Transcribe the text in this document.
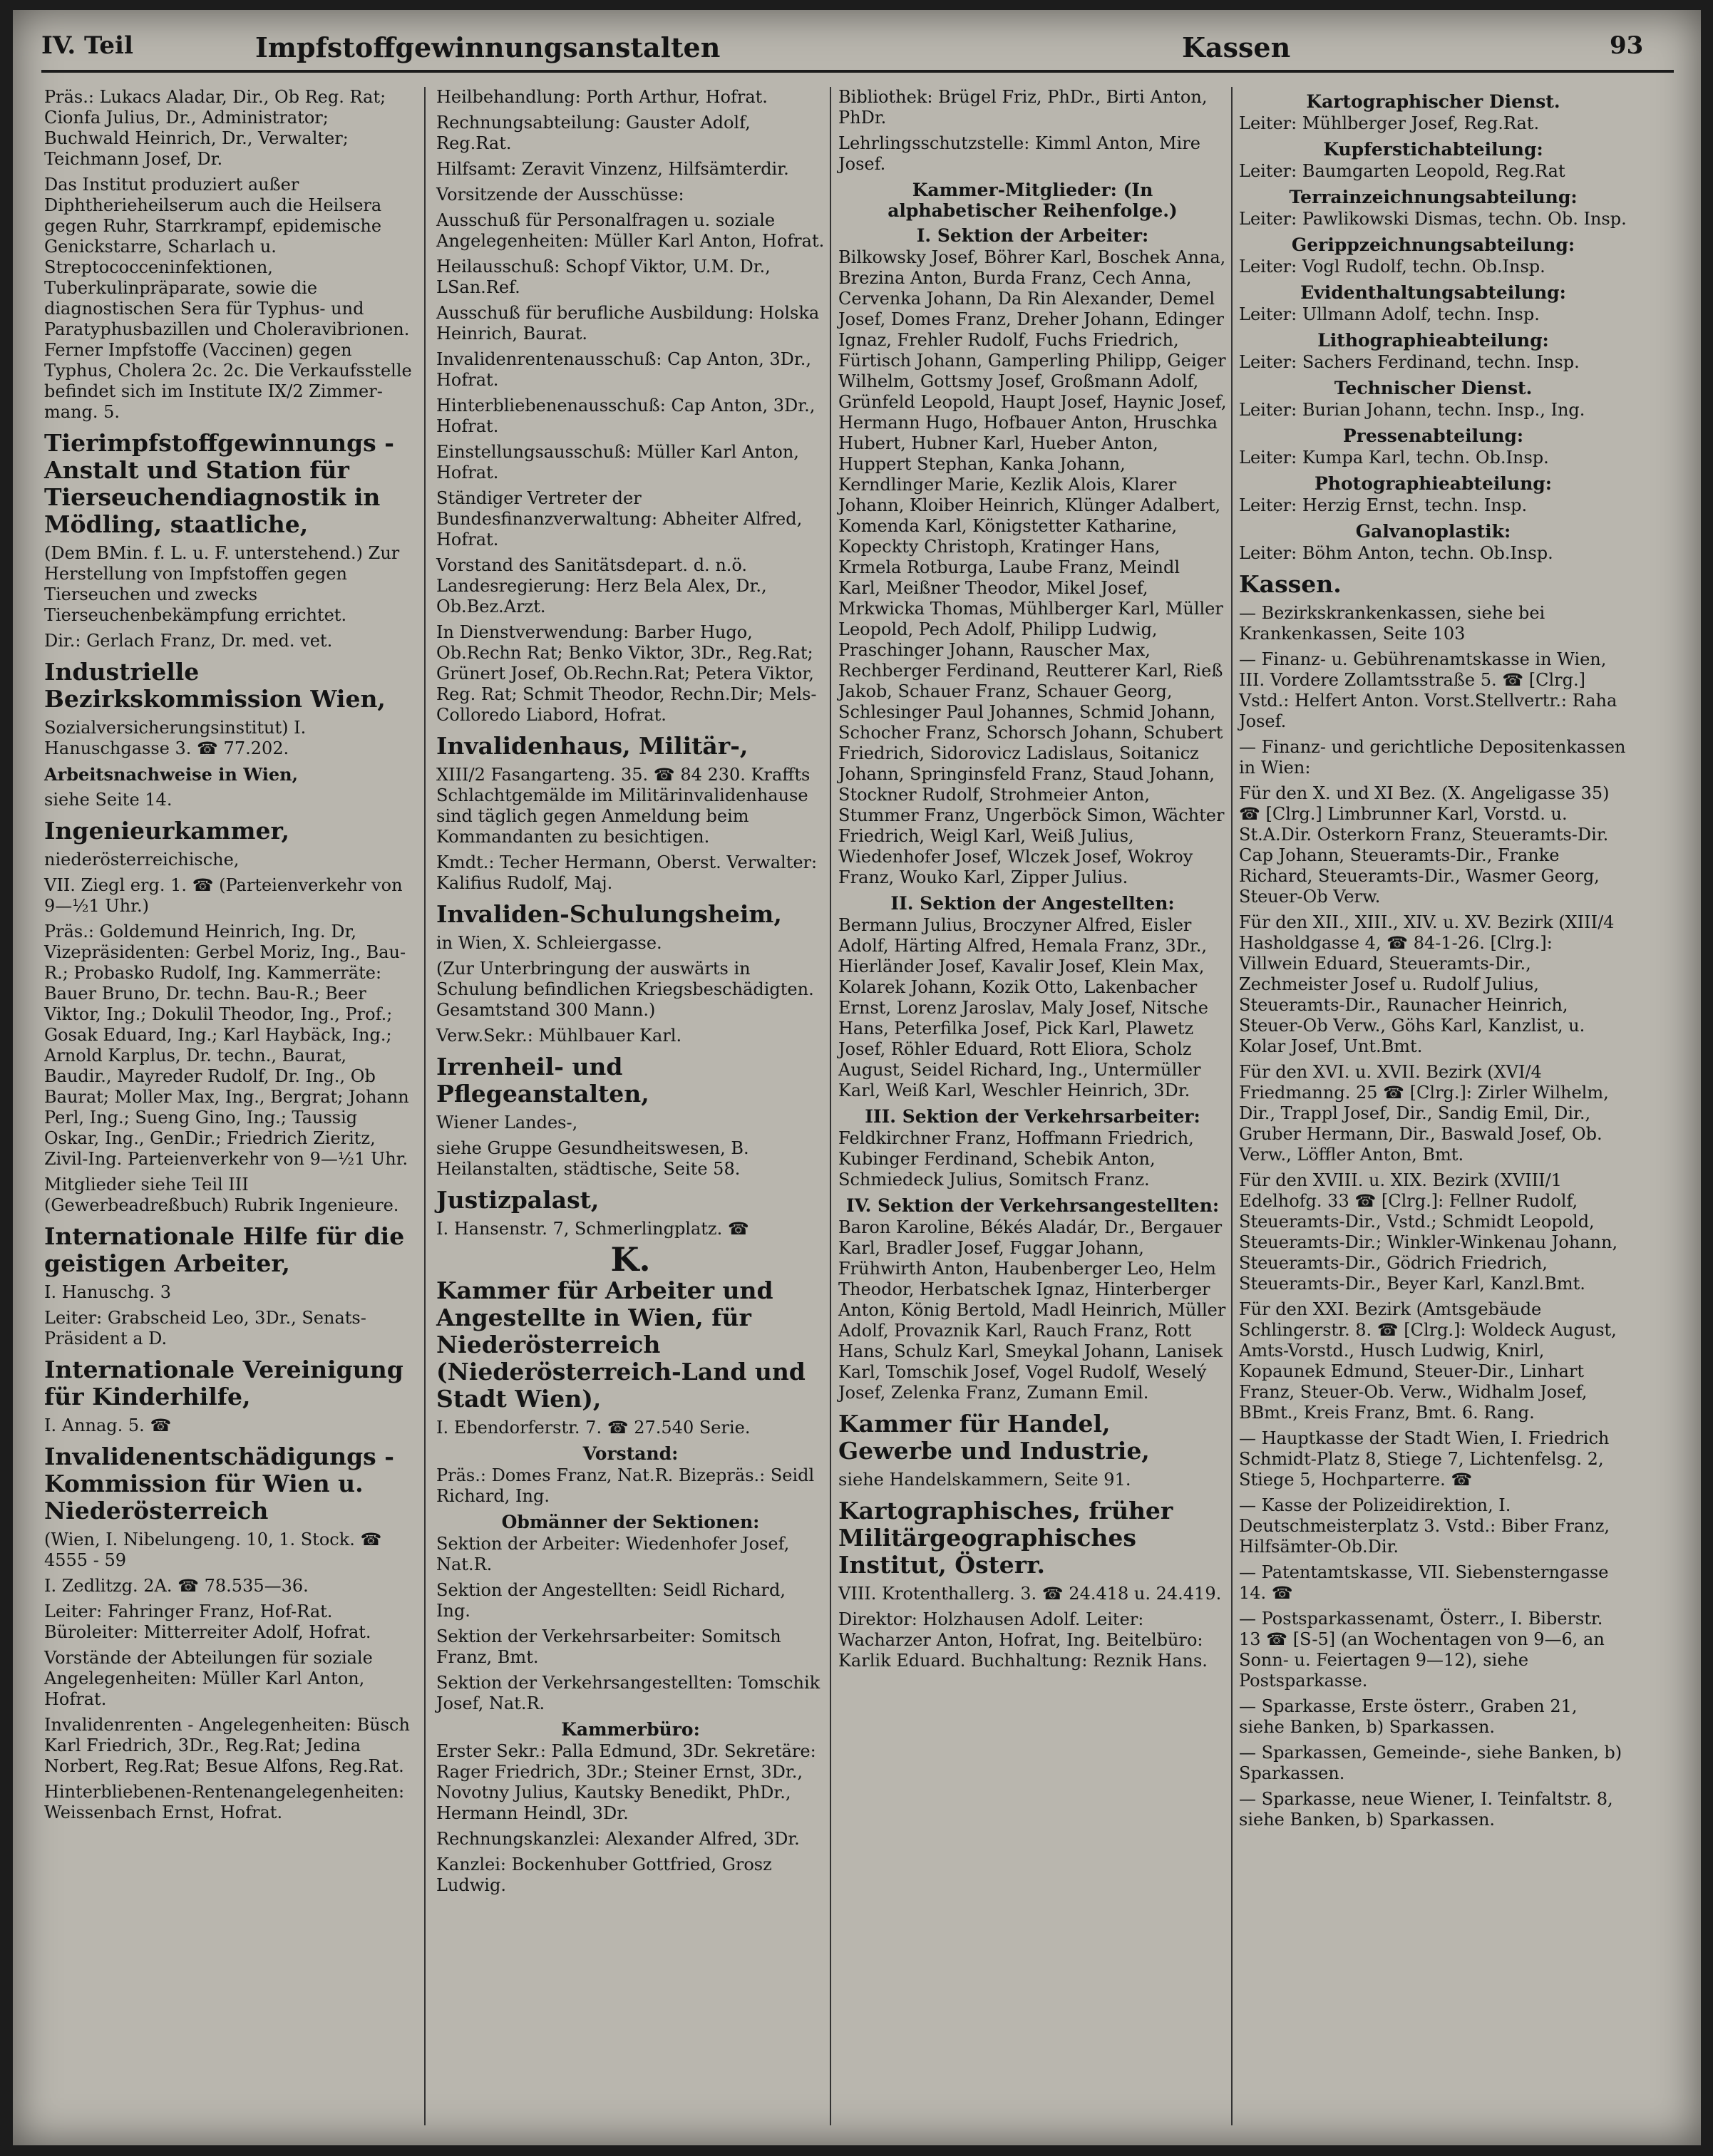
IV. Teil	Impfstoffgewinnungsanstalten	Kassen	93
Präs.: Lukacs Aladar, Dir., Ob Reg. Rat; Cionfa Julius, Dr., Administrator; Buchwald Heinrich, Dr., Verwalter; Teichmann Josef, Dr.
Das Institut produziert außer Diphtherieheilserum auch die Heilsera gegen Ruhr, Starrkrampf, epidemische Genickstarre, Scharlach u. Streptococceninfektionen, Tuberkulinpräparate, sowie die diagnostischen Sera für Typhus- und Paratyphusbazillen und Choleravibrionen. Ferner Impfstoffe (Vaccinen) gegen Typhus, Cholera 2c. 2c. Die Verkaufsstelle befindet sich im Institute IX/2 Zimmer-mang. 5.
Tierimpfstoffgewinnungs - Anstalt und Station für Tierseuchendiagnostik in Mödling, staatliche,
(Dem BMin. f. L. u. F. unterstehend.) Zur Herstellung von Impfstoffen gegen Tierseuchen und zwecks Tierseuchenbekämpfung errichtet.
Dir.: Gerlach Franz, Dr. med. vet.
Industrielle Bezirkskommission Wien,
Sozialversicherungsinstitut) I. Hanuschgasse 3. ☎ 77.202.
Arbeitsnachweise in Wien,
siehe Seite 14.
Ingenieurkammer,
niederösterreichische,
VII. Ziegl erg. 1. ☎ (Parteienverkehr von 9—½1 Uhr.)
Präs.: Goldemund Heinrich, Ing. Dr, Vizepräsidenten: Gerbel Moriz, Ing., Bau-R.; Probasko Rudolf, Ing. Kammerräte: Bauer Bruno, Dr. techn. Bau-R.; Beer Viktor, Ing.; Dokulil Theodor, Ing., Prof.; Gosak Eduard, Ing.; Karl Haybäck, Ing.; Arnold Karplus, Dr. techn., Baurat, Baudir., Mayreder Rudolf, Dr. Ing., Ob Baurat; Moller Max, Ing., Bergrat; Johann Perl, Ing.; Sueng Gino, Ing.; Taussig Oskar, Ing., GenDir.; Friedrich Zieritz, Zivil-Ing. Parteienverkehr von 9—½1 Uhr.
Mitglieder siehe Teil III (Gewerbeadreßbuch) Rubrik Ingenieure.
Internationale Hilfe für die geistigen Arbeiter,
I. Hanuschg. 3
Leiter: Grabscheid Leo, 3Dr., Senats-Präsident a D.
Internationale Vereinigung für Kinderhilfe,
I. Annag. 5. ☎
Invalidenentschädigungs - Kommission für Wien u. Niederösterreich
(Wien, I. Nibelungeng. 10, 1. Stock. ☎ 4555 - 59
I. Zedlitzg. 2A. ☎ 78.535—36.
Leiter: Fahringer Franz, Hof-Rat. Büroleiter: Mitterreiter Adolf, Hofrat.
Vorstände der Abteilungen für soziale Angelegenheiten: Müller Karl Anton, Hofrat.
Invalidenrenten - Angelegenheiten: Büsch Karl Friedrich, 3Dr., Reg.Rat; Jedina Norbert, Reg.Rat; Besue Alfons, Reg.Rat.
Hinterbliebenen-Rentenangelegenheiten: Weissenbach Ernst, Hofrat.
Heilbehandlung: Porth Arthur, Hofrat.
Rechnungsabteilung: Gauster Adolf, Reg.Rat.
Hilfsamt: Zeravit Vinzenz, Hilfsämterdir.
Vorsitzende der Ausschüsse:
Ausschuß für Personalfragen u. soziale Angelegenheiten: Müller Karl Anton, Hofrat.
Heilausschuß: Schopf Viktor, U.M. Dr., LSan.Ref.
Ausschuß für berufliche Ausbildung: Holska Heinrich, Baurat.
Invalidenrentenausschuß: Cap Anton, 3Dr., Hofrat.
Hinterbliebenenausschuß: Cap Anton, 3Dr., Hofrat.
Einstellungsausschuß: Müller Karl Anton, Hofrat.
Ständiger Vertreter der Bundesfinanzverwaltung: Abheiter Alfred, Hofrat.
Vorstand des Sanitätsdepart. d. n.ö. Landesregierung: Herz Bela Alex, Dr., Ob.Bez.Arzt.
In Dienstverwendung: Barber Hugo, Ob.Rechn Rat; Benko Viktor, 3Dr., Reg.Rat; Grünert Josef, Ob.Rechn.Rat; Petera Viktor, Reg. Rat; Schmit Theodor, Rechn.Dir; Mels-Colloredo Liabord, Hofrat.
Invalidenhaus, Militär-,
XIII/2 Fasangarteng. 35. ☎ 84 230. Kraffts Schlachtgemälde im Militärinvalidenhause sind täglich gegen Anmeldung beim Kommandanten zu besichtigen.
Kmdt.: Techer Hermann, Oberst. Verwalter: Kalifius Rudolf, Maj.
Invaliden-Schulungsheim,
in Wien, X. Schleiergasse.
(Zur Unterbringung der auswärts in Schulung befindlichen Kriegsbeschädigten. Gesamtstand 300 Mann.)
Verw.Sekr.: Mühlbauer Karl.
Irrenheil- und Pflegeanstalten,
Wiener Landes-,
siehe Gruppe Gesundheitswesen, B. Heilanstalten, städtische, Seite 58.
Justizpalast,
I. Hansenstr. 7, Schmerlingplatz. ☎
K.
Kammer für Arbeiter und Angestellte in Wien, für Niederösterreich (Niederösterreich-Land und Stadt Wien),
I. Ebendorferstr. 7. ☎ 27.540 Serie.
Vorstand:
Präs.: Domes Franz, Nat.R. Bizepräs.: Seidl Richard, Ing.
Obmänner der Sektionen:
Sektion der Arbeiter: Wiedenhofer Josef, Nat.R.
Sektion der Angestellten: Seidl Richard, Ing.
Sektion der Verkehrsarbeiter: Somitsch Franz, Bmt.
Sektion der Verkehrsangestellten: Tomschik Josef, Nat.R.
Kammerbüro:
Erster Sekr.: Palla Edmund, 3Dr. Sekretäre: Rager Friedrich, 3Dr.; Steiner Ernst, 3Dr., Novotny Julius, Kautsky Benedikt, PhDr., Hermann Heindl, 3Dr.
Rechnungskanzlei: Alexander Alfred, 3Dr.
Kanzlei: Bockenhuber Gottfried, Grosz Ludwig.
Bibliothek: Brügel Friz, PhDr., Birti Anton, PhDr.
Lehrlingsschutzstelle: Kimml Anton, Mire Josef.
Kammer-Mitglieder: (In alphabetischer Reihenfolge.)
I. Sektion der Arbeiter:
Bilkowsky Josef, Böhrer Karl, Boschek Anna, Brezina Anton, Burda Franz, Cech Anna, Cervenka Johann, Da Rin Alexander, Demel Josef, Domes Franz, Dreher Johann, Edinger Ignaz, Frehler Rudolf, Fuchs Friedrich, Fürtisch Johann, Gamperling Philipp, Geiger Wilhelm, Gottsmy Josef, Großmann Adolf, Grünfeld Leopold, Haupt Josef, Haynic Josef, Hermann Hugo, Hofbauer Anton, Hruschka Hubert, Hubner Karl, Hueber Anton, Huppert Stephan, Kanka Johann, Kerndlinger Marie, Kezlik Alois, Klarer Johann, Kloiber Heinrich, Klünger Adalbert, Komenda Karl, Königstetter Katharine, Kopeckty Christoph, Kratinger Hans, Krmela Rotburga, Laube Franz, Meindl Karl, Meißner Theodor, Mikel Josef, Mrkwicka Thomas, Mühlberger Karl, Müller Leopold, Pech Adolf, Philipp Ludwig, Praschinger Johann, Rauscher Max, Rechberger Ferdinand, Reutterer Karl, Rieß Jakob, Schauer Franz, Schauer Georg, Schlesinger Paul Johannes, Schmid Johann, Schocher Franz, Schorsch Johann, Schubert Friedrich, Sidorovicz Ladislaus, Soitanicz Johann, Springinsfeld Franz, Staud Johann, Stockner Rudolf, Strohmeier Anton, Stummer Franz, Ungerböck Simon, Wächter Friedrich, Weigl Karl, Weiß Julius, Wiedenhofer Josef, Wlczek Josef, Wokroy Franz, Wouko Karl, Zipper Julius.
II. Sektion der Angestellten:
Bermann Julius, Broczyner Alfred, Eisler Adolf, Härting Alfred, Hemala Franz, 3Dr., Hierländer Josef, Kavalir Josef, Klein Max, Kolarek Johann, Kozik Otto, Lakenbacher Ernst, Lorenz Jaroslav, Maly Josef, Nitsche Hans, Peterfilka Josef, Pick Karl, Plawetz Josef, Röhler Eduard, Rott Eliora, Scholz August, Seidel Richard, Ing., Untermüller Karl, Weiß Karl, Weschler Heinrich, 3Dr.
III. Sektion der Verkehrsarbeiter:
Feldkirchner Franz, Hoffmann Friedrich, Kubinger Ferdinand, Schebik Anton, Schmiedeck Julius, Somitsch Franz.
IV. Sektion der Verkehrsangestellten:
Baron Karoline, Békés Aladár, Dr., Bergauer Karl, Bradler Josef, Fuggar Johann, Frühwirth Anton, Haubenberger Leo, Helm Theodor, Herbatschek Ignaz, Hinterberger Anton, König Bertold, Madl Heinrich, Müller Adolf, Provaznik Karl, Rauch Franz, Rott Hans, Schulz Karl, Smeykal Johann, Lanisek Karl, Tomschik Josef, Vogel Rudolf, Weselý Josef, Zelenka Franz, Zumann Emil.
Kammer für Handel, Gewerbe und Industrie,
siehe Handelskammern, Seite 91.
Kartographisches, früher Militärgeographisches Institut, Österr.
VIII. Krotenthallerg. 3. ☎ 24.418 u. 24.419.
Direktor: Holzhausen Adolf. Leiter: Wacharzer Anton, Hofrat, Ing. Beitelbüro: Karlik Eduard. Buchhaltung: Reznik Hans.
Kartographischer Dienst.
Leiter: Mühlberger Josef, Reg.Rat.
Kupferstichabteilung:
Leiter: Baumgarten Leopold, Reg.Rat
Terrainzeichnungsabteilung:
Leiter: Pawlikowski Dismas, techn. Ob. Insp.
Gerippzeichnungsabteilung:
Leiter: Vogl Rudolf, techn. Ob.Insp.
Evidenthaltungsabteilung:
Leiter: Ullmann Adolf, techn. Insp.
Lithographieabteilung:
Leiter: Sachers Ferdinand, techn. Insp.
Technischer Dienst.
Leiter: Burian Johann, techn. Insp., Ing.
Pressenabteilung:
Leiter: Kumpa Karl, techn. Ob.Insp.
Photographieabteilung:
Leiter: Herzig Ernst, techn. Insp.
Galvanoplastik:
Leiter: Böhm Anton, techn. Ob.Insp.
Kassen.
— Bezirkskrankenkassen, siehe bei Krankenkassen, Seite 103
— Finanz- u. Gebührenamtskasse in Wien, III. Vordere Zollamtsstraße 5. ☎ [Clrg.]  Vstd.: Helfert Anton. Vorst.Stellvertr.: Raha Josef.
— Finanz- und gerichtliche Depositenkassen in Wien:
Für den X. und XI Bez. (X. Angeligasse 35) ☎ [Clrg.] Limbrunner Karl, Vorstd. u. St.A.Dir. Osterkorn Franz, Steueramts-Dir. Cap Johann, Steueramts-Dir., Franke Richard, Steueramts-Dir., Wasmer Georg, Steuer-Ob Verw.
Für den XII., XIII., XIV. u. XV. Bezirk (XIII/4 Hasholdgasse 4, ☎ 84-1-26. [Clrg.]: Villwein Eduard, Steueramts-Dir., Zechmeister Josef u. Rudolf Julius, Steueramts-Dir., Raunacher Heinrich, Steuer-Ob Verw., Göhs Karl, Kanzlist, u. Kolar Josef, Unt.Bmt.
Für den XVI. u. XVII. Bezirk (XVI/4 Friedmanng. 25 ☎ [Clrg.]: Zirler Wilhelm, Dir., Trappl Josef, Dir., Sandig Emil, Dir., Gruber Hermann, Dir., Baswald Josef, Ob. Verw., Löffler Anton, Bmt.
Für den XVIII. u. XIX. Bezirk (XVIII/1 Edelhofg. 33 ☎ [Clrg.]: Fellner Rudolf, Steueramts-Dir., Vstd.; Schmidt Leopold, Steueramts-Dir.; Winkler-Winkenau Johann, Steueramts-Dir., Gödrich Friedrich, Steueramts-Dir., Beyer Karl, Kanzl.Bmt.
Für den XXI. Bezirk (Amtsgebäude Schlingerstr. 8. ☎ [Clrg.]: Woldeck August, Amts-Vorstd., Husch Ludwig, Knirl, Kopaunek Edmund, Steuer-Dir., Linhart Franz, Steuer-Ob. Verw., Widhalm Josef, BBmt., Kreis Franz, Bmt. 6. Rang.
— Hauptkasse der Stadt Wien, I. Friedrich Schmidt-Platz 8, Stiege 7, Lichtenfelsg. 2, Stiege 5, Hochparterre. ☎
— Kasse der Polizeidirektion, I. Deutschmeisterplatz 3. Vstd.: Biber Franz, Hilfsämter-Ob.Dir.
— Patentamtskasse, VII. Siebensterngasse 14. ☎
— Postsparkassenamt, Österr., I. Biberstr. 13 ☎ [S-5] (an Wochentagen von 9—6, an Sonn- u. Feiertagen 9—12), siehe Postsparkasse.
— Sparkasse, Erste österr., Graben 21, siehe Banken, b) Sparkassen.
— Sparkassen, Gemeinde-, siehe Banken, b) Sparkassen.
— Sparkasse, neue Wiener, I. Teinfaltstr. 8, siehe Banken, b) Sparkassen.
